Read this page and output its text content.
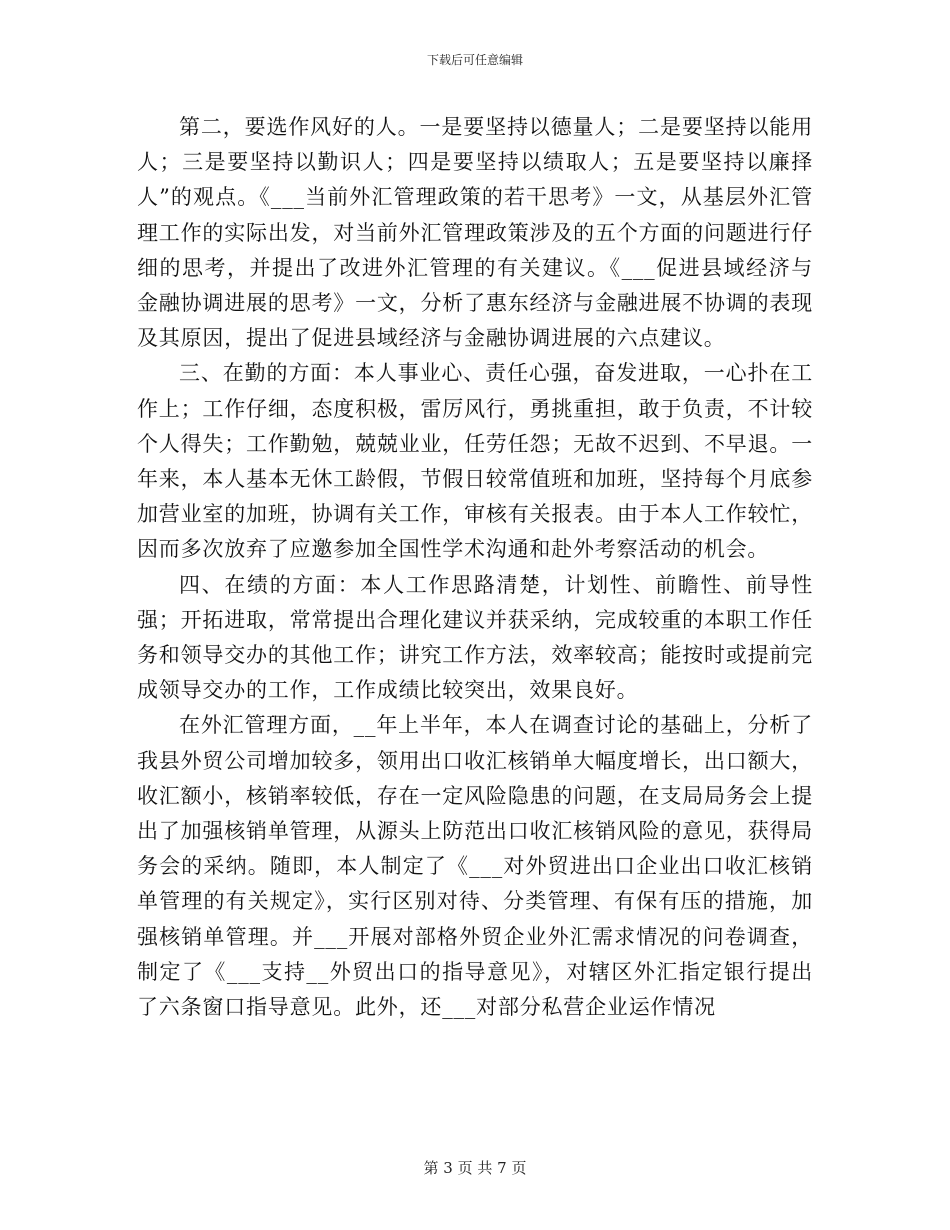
下载后可任意编辑

第二，要选作风好的人。一是要坚持以德量人；二是要坚持以能用人；三是要坚持以勤识人；四是要坚持以绩取人；五是要坚持以廉择人”的观点。《___当前外汇管理政策的若干思考》一文，从基层外汇管理工作的实际出发，对当前外汇管理政策涉及的五个方面的问题进行仔细的思考，并提出了改进外汇管理的有关建议。《___促进县域经济与金融协调进展的思考》一文，分析了惠东经济与金融进展不协调的表现及其原因，提出了促进县域经济与金融协调进展的六点建议。

三、在勤的方面：本人事业心、责任心强，奋发进取，一心扑在工作上；工作仔细，态度积极，雷厉风行，勇挑重担，敢于负责，不计较个人得失；工作勤勉，兢兢业业，任劳任怨；无故不迟到、不早退。一年来，本人基本无休工龄假，节假日较常值班和加班，坚持每个月底参加营业室的加班，协调有关工作，审核有关报表。由于本人工作较忙，因而多次放弃了应邀参加全国性学术沟通和赴外考察活动的机会。

四、在绩的方面：本人工作思路清楚，计划性、前瞻性、前导性强；开拓进取，常常提出合理化建议并获采纳，完成较重的本职工作任务和领导交办的其他工作；讲究工作方法，效率较高；能按时或提前完成领导交办的工作，工作成绩比较突出，效果良好。

在外汇管理方面，__年上半年，本人在调查讨论的基础上，分析了我县外贸公司增加较多，领用出口收汇核销单大幅度增长，出口额大，收汇额小，核销率较低，存在一定风险隐患的问题，在支局局务会上提出了加强核销单管理，从源头上防范出口收汇核销风险的意见，获得局务会的采纳。随即，本人制定了《___对外贸进出口企业出口收汇核销单管理的有关规定》，实行区别对待、分类管理、有保有压的措施，加强核销单管理。并___开展对部格外贸企业外汇需求情况的问卷调查，制定了《___支持__外贸出口的指导意见》，对辖区外汇指定银行提出了六条窗口指导意见。此外，还___对部分私营企业运作情况

第 3 页 共 7 页
